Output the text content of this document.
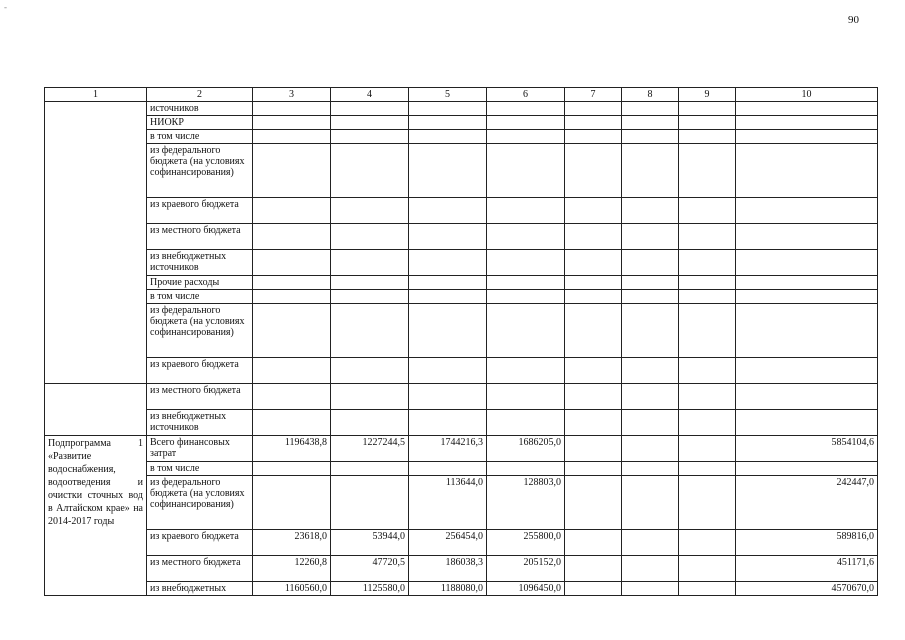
-
90
1	2	3	4	5	6	7	8	9	10
	источников								
	НИОКР								
	в том числе								
	из федерального бюджета (на условиях софинансирования)								
	из краевого бюджета								
	из местного бюджета								
	из внебюджетных источников								
	Прочие расходы								
	в том числе								
	из федерального бюджета (на условиях софинансирования)								
	из краевого бюджета								
	из местного бюджета								
	из внебюджетных источников								
Подпрограмма 1 «Развитие водоснабжения, водоотведения и очистки сточных вод в Алтайском крае» на 2014-2017 годы	Всего финансовых затрат	1196438,8	1227244,5	1744216,3	1686205,0				5854104,6
	в том числе								
	из федерального бюджета (на условиях софинансирования)			113644,0	128803,0				242447,0
	из краевого бюджета	23618,0	53944,0	256454,0	255800,0				589816,0
	из местного бюджета	12260,8	47720,5	186038,3	205152,0				451171,6
	из внебюджетных	1160560,0	1125580,0	1188080,0	1096450,0				4570670,0
